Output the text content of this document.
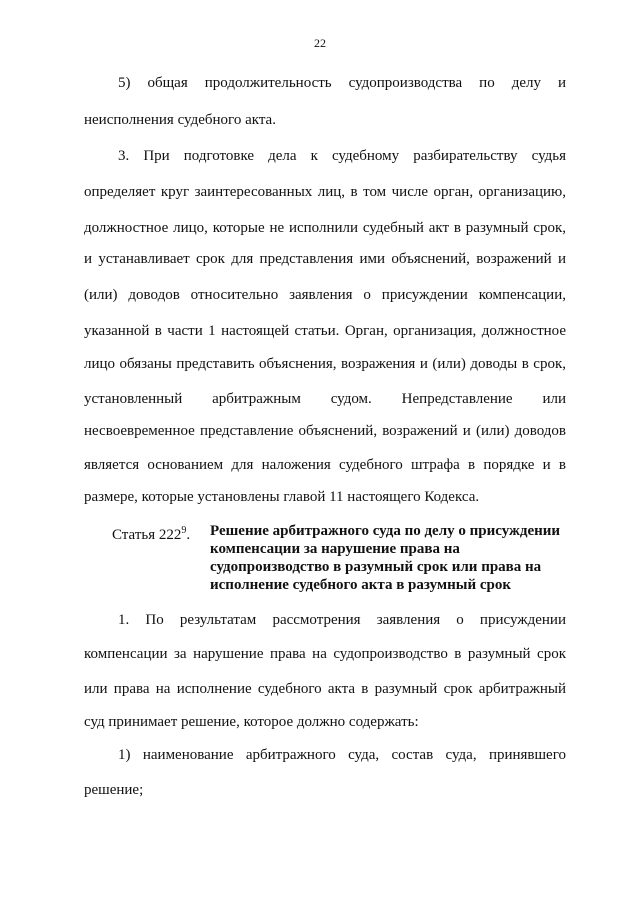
22
5) общая продолжительность судопроизводства по делу и
неисполнения судебного акта.
3. При подготовке дела к судебному разбирательству судья
определяет круг заинтересованных лиц, в том числе орган, организацию,
должностное лицо, которые не исполнили судебный акт в разумный срок,
и устанавливает срок для представления ими объяснений, возражений и
(или) доводов относительно заявления о присуждении компенсации,
указанной в части 1 настоящей статьи. Орган, организация, должностное
лицо обязаны представить объяснения, возражения и (или) доводы в срок,
установленный арбитражным судом. Непредставление или
несвоевременное представление объяснений, возражений и (или) доводов
является основанием для наложения судебного штрафа в порядке и в
размере, которые установлены главой 11 настоящего Кодекса.
Статья $222^9$. Решение арбитражного суда по делу о присуждении
компенсации за нарушение права на
судопроизводство в разумный срок или права на
исполнение судебного акта в разумный срок
1. По результатам рассмотрения заявления о присуждении
компенсации за нарушение права на судопроизводство в разумный срок
или права на исполнение судебного акта в разумный срок арбитражный
суд принимает решение, которое должно содержать:
1) наименование арбитражного суда, состав суда, принявшего
решение;
